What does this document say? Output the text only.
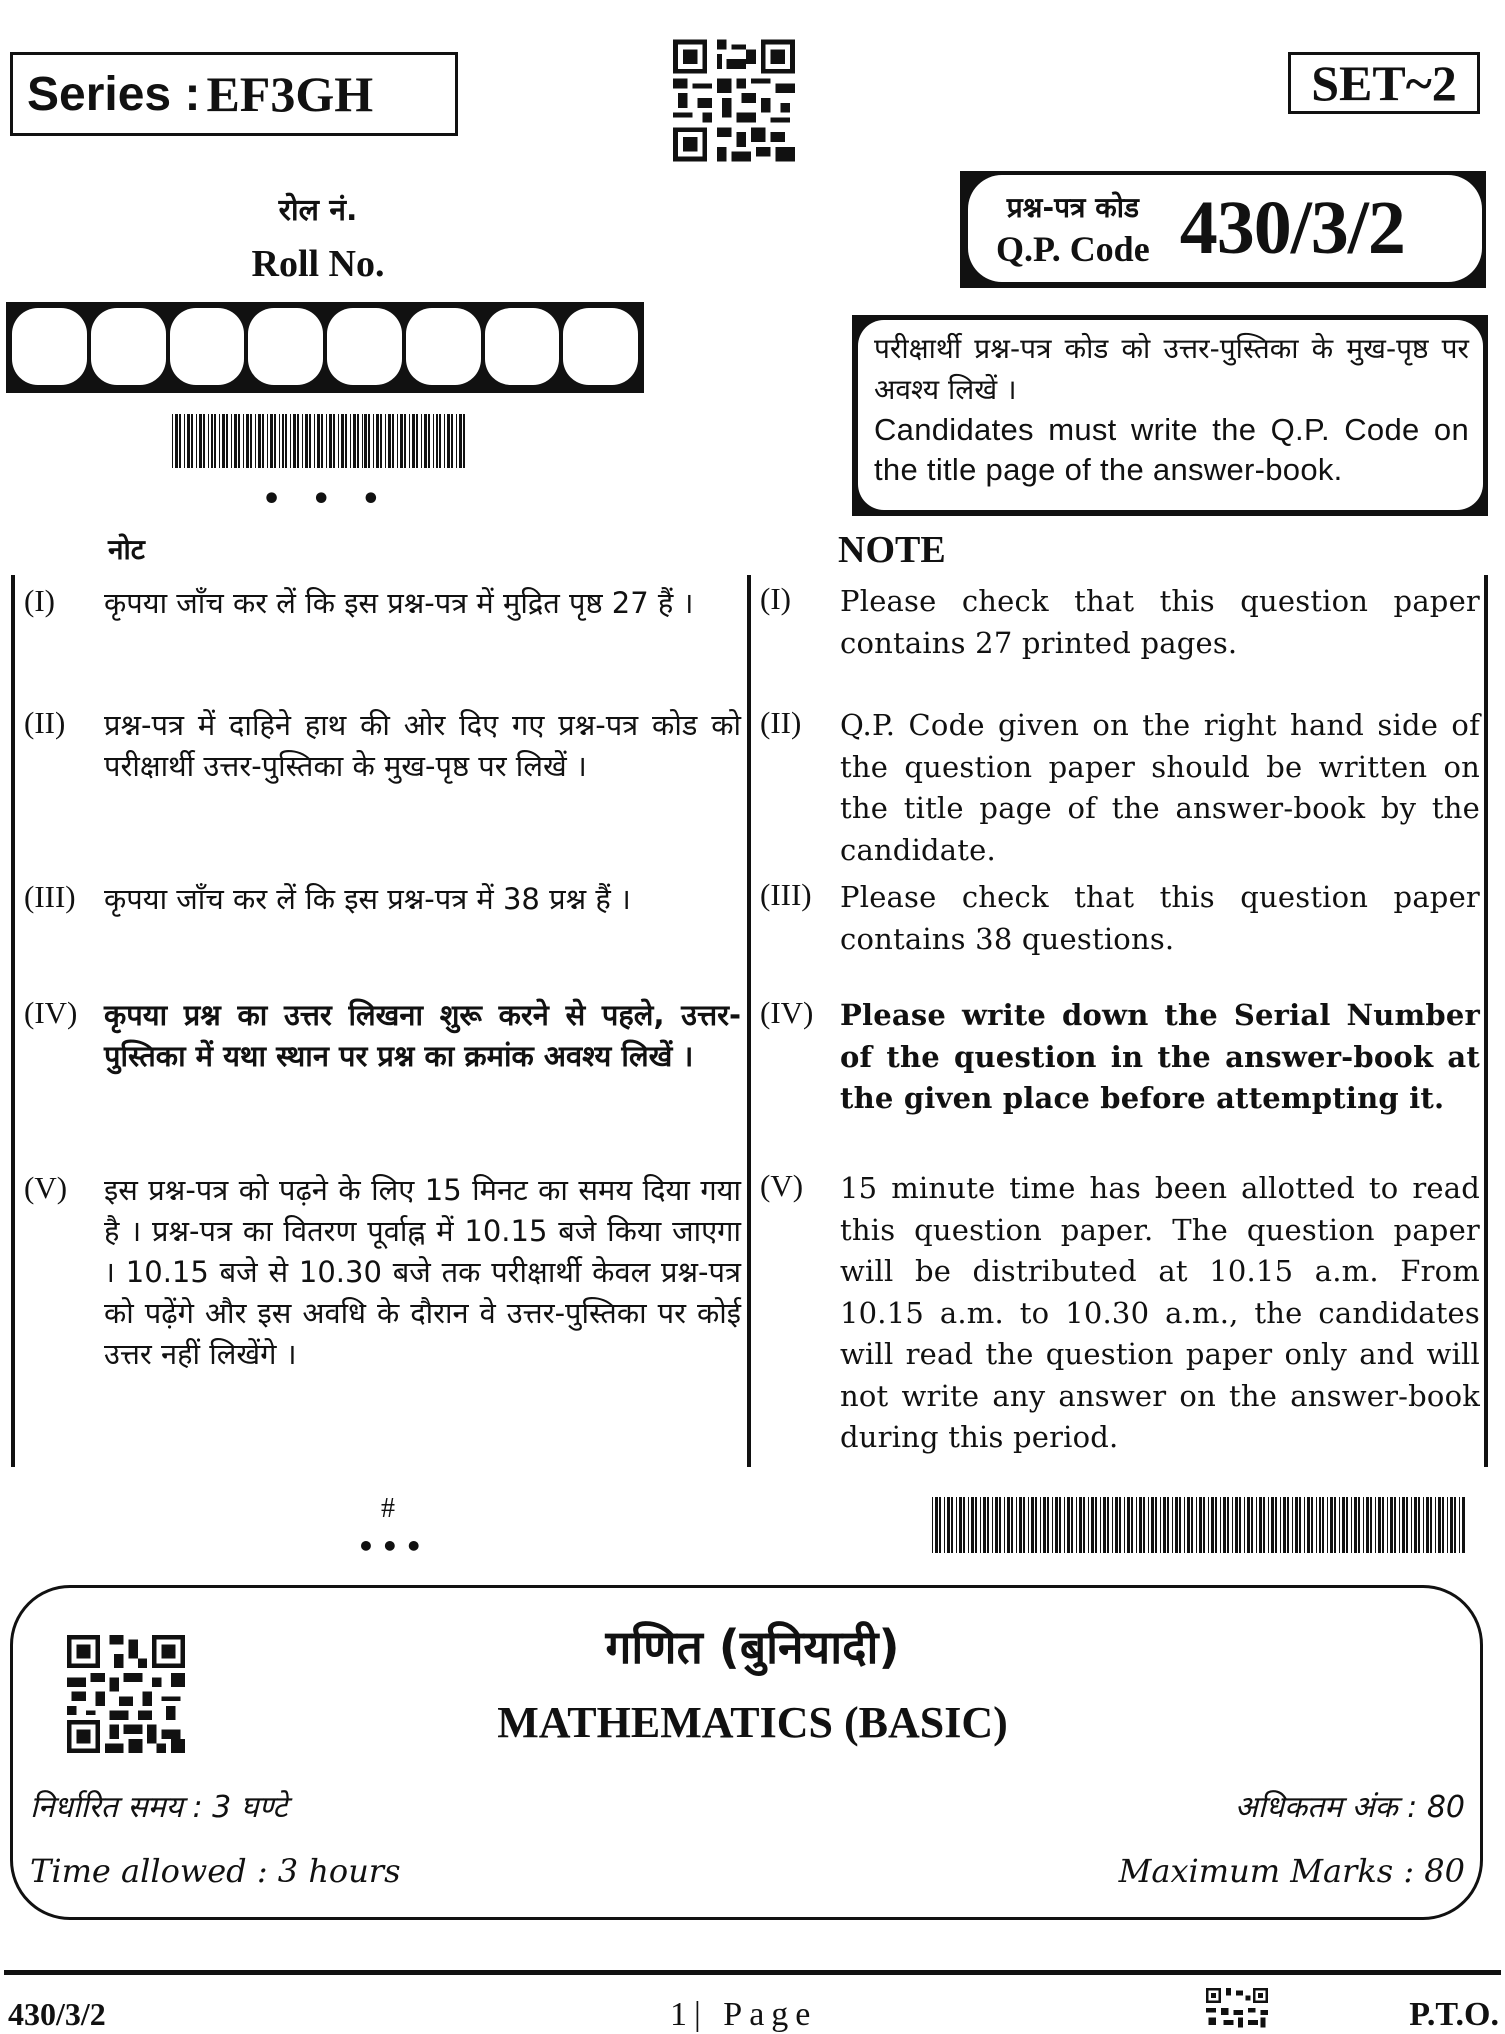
Series : EF3GH	SET~2
रोल नं.
Roll No.
• • •
प्रश्न-पत्र कोड
Q.P. Code 430/3/2
परीक्षार्थी प्रश्न-पत्र कोड को उत्तर-पुस्तिका के मुख-पृष्ठ पर अवश्य लिखें ।
Candidates must write the Q.P. Code on the title page of the answer-book.
नोट	NOTE
(I)	कृपया जाँच कर लें कि इस प्रश्न-पत्र में मुद्रित पृष्ठ 27 हैं ।
(II)	प्रश्न-पत्र में दाहिने हाथ की ओर दिए गए प्रश्न-पत्र कोड को परीक्षार्थी उत्तर-पुस्तिका के मुख-पृष्ठ पर लिखें ।
(III) कृपया जाँच कर लें कि इस प्रश्न-पत्र में 38 प्रश्न हैं ।
(IV) कृपया प्रश्न का उत्तर लिखना शुरू करने से पहले, उत्तर-पुस्तिका में यथा स्थान पर प्रश्न का क्रमांक अवश्य लिखें ।
(V)	इस प्रश्न-पत्र को पढ़ने के लिए 15 मिनट का समय दिया गया है । प्रश्न-पत्र का वितरण पूर्वाह्न में 10.15 बजे किया जाएगा । 10.15 बजे से 10.30 बजे तक परीक्षार्थी केवल प्रश्न-पत्र को पढ़ेंगे और इस अवधि के दौरान वे उत्तर-पुस्तिका पर कोई उत्तर नहीं लिखेंगे ।
(I)	Please check that this question paper contains 27 printed pages.
(II)	Q.P. Code given on the right hand side of the question paper should be written on the title page of the answer-book by the candidate.
(III) Please check that this question paper contains 38 questions.
(IV) Please write down the Serial Number of the question in the answer-book at the given place before attempting it.
(V)	15 minute time has been allotted to read this question paper. The question paper will be distributed at 10.15 a.m. From 10.15 a.m. to 10.30 a.m., the candidates will read the question paper only and will not write any answer on the answer-book during this period.
#
•••
गणित (बुनियादी)
MATHEMATICS (BASIC)
निर्धारित समय : 3 घण्टे
Time allowed : 3 hours
अधिकतम अंक : 80
Maximum Marks : 80
430/3/2	1| Page	P.T.O.
